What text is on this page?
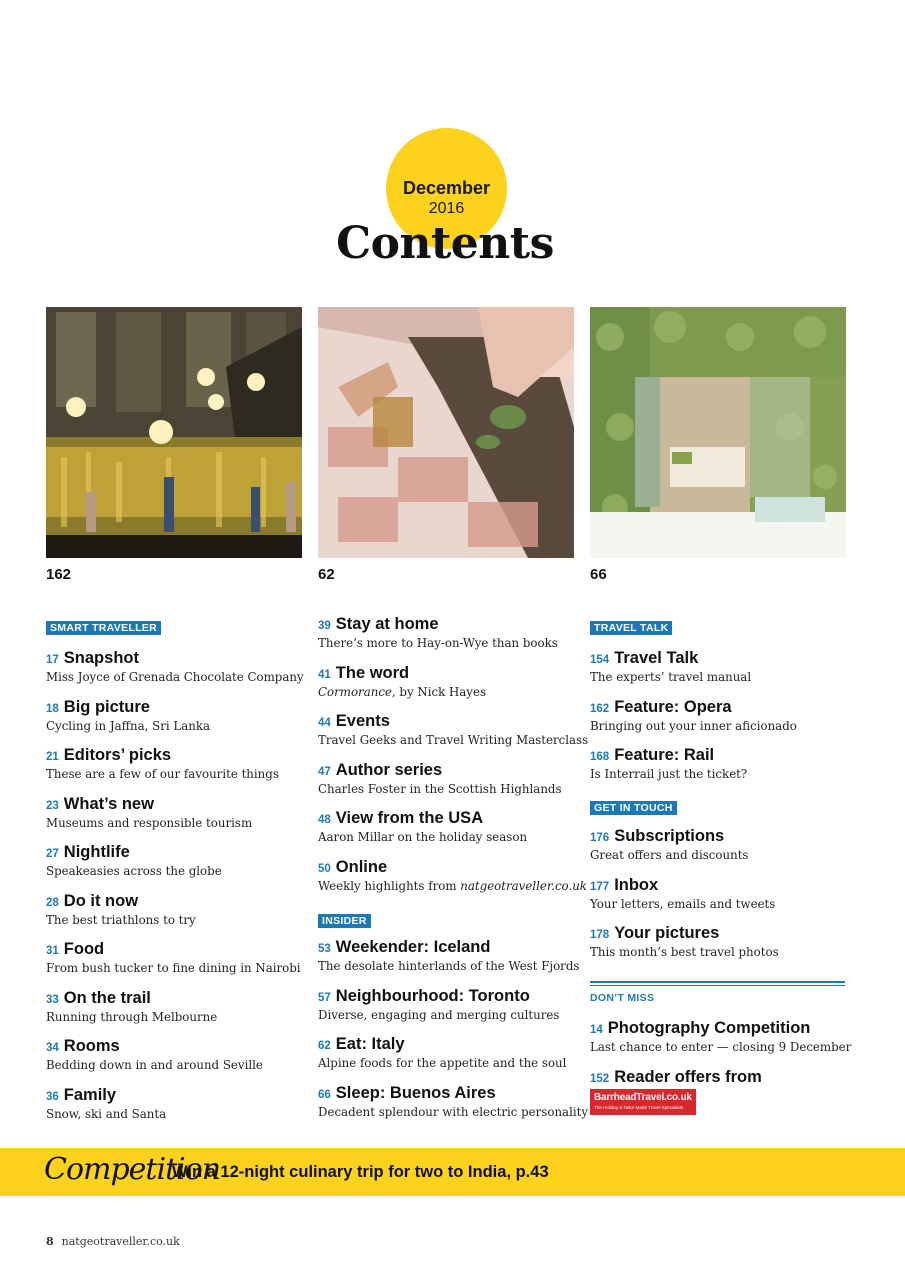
December
2016
Contents
162	62	66
SMART TRAVELLER
17 Snapshot
Miss Joyce of Grenada Chocolate Company
18 Big picture
Cycling in Jaffna, Sri Lanka
21 Editors’ picks
These are a few of our favourite things
23 What’s new
Museums and responsible tourism
27 Nightlife
Speakeasies across the globe
28 Do it now
The best triathlons to try
31 Food
From bush tucker to fine dining in Nairobi
33 On the trail
Running through Melbourne
34 Rooms
Bedding down in and around Seville
36 Family
Snow, ski and Santa
39 Stay at home
There’s more to Hay-on-Wye than books
41 The word
Cormorance, by Nick Hayes
44 Events
Travel Geeks and Travel Writing Masterclass
47 Author series
Charles Foster in the Scottish Highlands
48 View from the USA
Aaron Millar on the holiday season
50 Online
Weekly highlights from natgeotraveller.co.uk
INSIDER
53 Weekender: Iceland
The desolate hinterlands of the West Fjords
57 Neighbourhood: Toronto
Diverse, engaging and merging cultures
62 Eat: Italy
Alpine foods for the appetite and the soul
66 Sleep: Buenos Aires
Decadent splendour with electric personality
TRAVEL TALK
154 Travel Talk
The experts’ travel manual
162 Feature: Opera
Bringing out your inner aficionado
168 Feature: Rail
Is Interrail just the ticket?
GET IN TOUCH
176 Subscriptions
Great offers and discounts
177 Inbox
Your letters, emails and tweets
178 Your pictures
This month’s best travel photos
DON’T MISS
14 Photography Competition
Last chance to enter — closing 9 December
152 Reader offers from
BarrheadTravel.co.uk
The Holiday & Tailor-Made Travel Specialists
Competition
Win a 12-night culinary trip for two to India, p.43
8 natgeotraveller.co.uk
